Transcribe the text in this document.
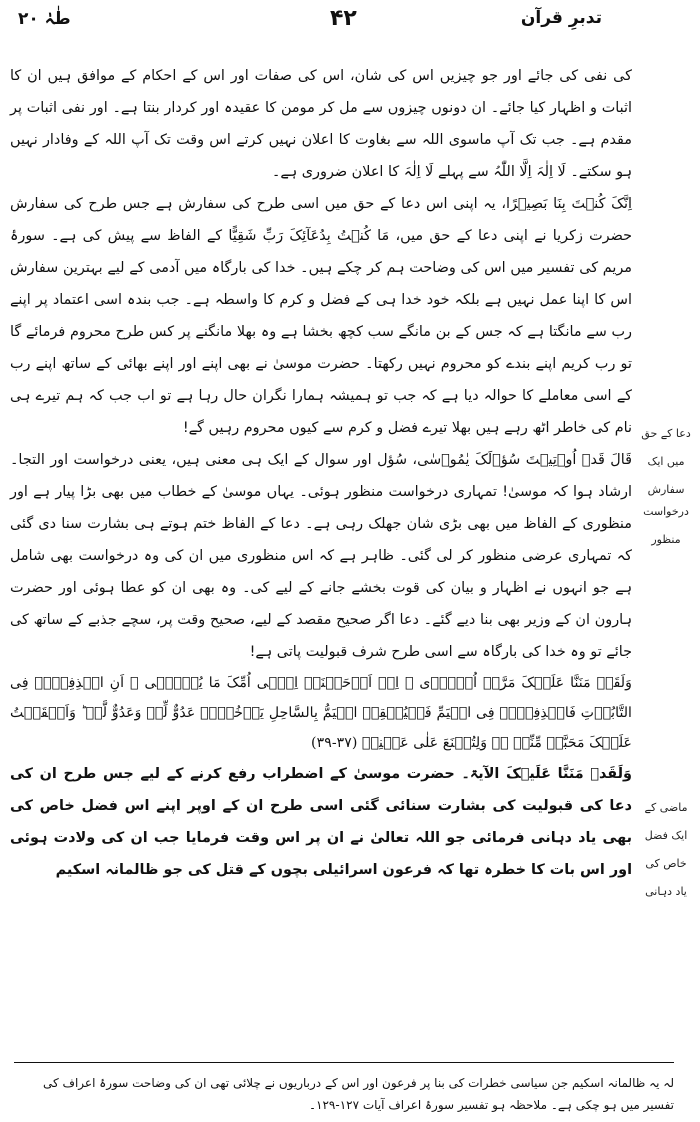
تدبرِ قرآن
۴۲
طٰہٰ ۲۰

کی نفی کی جائے اور جو چیزیں اس کی شان، اس کی صفات اور اس کے احکام کے موافق ہیں ان کا اثبات و اظہار کیا جائے۔ ان دونوں چیزوں سے مل کر مومن کا عقیدہ اور کردار بنتا ہے۔ اور نفی اثبات پر مقدم ہے۔ جب تک آپ ماسوی اللہ سے بغاوت کا اعلان نہیں کرتے اس وقت تک آپ اللہ کے وفادار نہیں ہو سکتے۔ لَا اِلٰہَ اِلَّا اللّٰہُ سے پہلے لَا اِلٰہَ کا اعلان ضروری ہے۔

اِنَّکَ کُنۡتَ بِنَا بَصِیۡرًا، یہ اپنی اس دعا کے حق میں اسی طرح کی سفارش ہے جس طرح کی سفارش حضرت زکریا نے اپنی دعا کے حق میں، مَا کُنۡتُ بِدُعَآئِکَ رَبِّ شَقِیًّا کے الفاظ سے پیش کی ہے۔ سورۂ مریم کی تفسیر میں اس کی وضاحت ہم کر چکے ہیں۔ خدا کی بارگاہ میں آدمی کے لیے بہترین سفارش اس کا اپنا عمل نہیں ہے بلکہ خود خدا ہی کے فضل و کرم کا واسطہ ہے۔ جب بندہ اسی اعتماد پر اپنے رب سے مانگتا ہے کہ جس کے بن مانگے سب کچھ بخشا ہے وہ بھلا مانگنے پر کس طرح محروم فرمائے گا تو رب کریم اپنے بندے کو محروم نہیں رکھتا۔ حضرت موسیٰ نے بھی اپنے اور اپنے بھائی کے ساتھ اپنے رب کے اسی معاملے کا حوالہ دیا ہے کہ جب تو ہمیشہ ہمارا نگران حال رہا ہے تو اب جب کہ ہم تیرے ہی نام کی خاطر اٹھ رہے ہیں بھلا تیرے فضل و کرم سے کیوں محروم رہیں گے!

قَالَ قَدۡ اُوۡتِیۡتَ سُؤۡلَکَ یٰمُوۡسٰی، سُؤل اور سوال کے ایک ہی معنی ہیں، یعنی درخواست اور التجا۔ ارشاد ہوا کہ موسیٰ! تمہاری درخواست منظور ہوئی۔ یہاں موسیٰ کے خطاب میں بھی بڑا پیار ہے اور منظوری کے الفاظ میں بھی بڑی شان جھلک رہی ہے۔ دعا کے الفاظ ختم ہوتے ہی بشارت سنا دی گئی کہ تمہاری عرضی منظور کر لی گئی۔ ظاہر ہے کہ اس منظوری میں ان کی وہ درخواست بھی شامل ہے جو انہوں نے اظہار و بیان کی قوت بخشے جانے کے لیے کی۔ وہ بھی ان کو عطا ہوئی اور حضرت ہارون ان کے وزیر بھی بنا دیے گئے۔ دعا اگر صحیح مقصد کے لیے، صحیح وقت پر، سچے جذبے کے ساتھ کی جائے تو وہ خدا کی بارگاہ سے اسی طرح شرف قبولیت پاتی ہے!

وَلَقَدۡ مَنَنَّا عَلَیۡکَ مَرَّۃً اُخۡرٰۤی ۙ اِذۡ اَوۡحَیۡنَاۤ اِلٰۤی اُمِّکَ مَا یُوۡحٰۤی ۙ اَنِ اقۡذِفِیۡہِ فِی التَّابُوۡتِ فَاقۡذِفِیۡہِ فِی الۡیَمِّ فَلۡیُلۡقِہِ الۡیَمُّ بِالسَّاحِلِ یَاۡخُذۡہُ عَدُوٌّ لِّیۡ وَعَدُوٌّ لَّہٗ ؕ وَاَلۡقَیۡتُ عَلَیۡکَ مَحَبَّۃً مِّنِّیۡ ۬ۚ وَلِتُصۡنَعَ عَلٰی عَیۡنِیۡ (۳۷-۳۹)

وَلَقَدۡ مَنَنَّا عَلَیۡکَ الآیۃ۔ حضرت موسیٰ کے اضطراب رفع کرنے کے لیے جس طرح ان کی دعا کی قبولیت کی بشارت سنائی گئی اسی طرح ان کے اوپر اپنے اس فضل خاص کی بھی یاد دہانی فرمائی جو اللہ تعالیٰ نے ان پر اس وقت فرمایا جب ان کی ولادت ہوئی اور اس بات کا خطرہ تھا کہ فرعون اسرائیلی بچوں کے قتل کی جو ظالمانہ اسکیم

دعا کے حق میں ایک سفارش
درخواست منظور
ماضی کے ایک فضل خاص کی یاد دہانی
لہ یہ ظالمانہ اسکیم جن سیاسی خطرات کی بنا پر فرعون اور اس کے درباریوں نے چلائی تھی ان کی وضاحت سورۂ اعراف کی تفسیر میں ہو چکی ہے۔ ملاحظہ ہو تفسیر سورۂ اعراف آیات ۱۲۷-۱۲۹۔
